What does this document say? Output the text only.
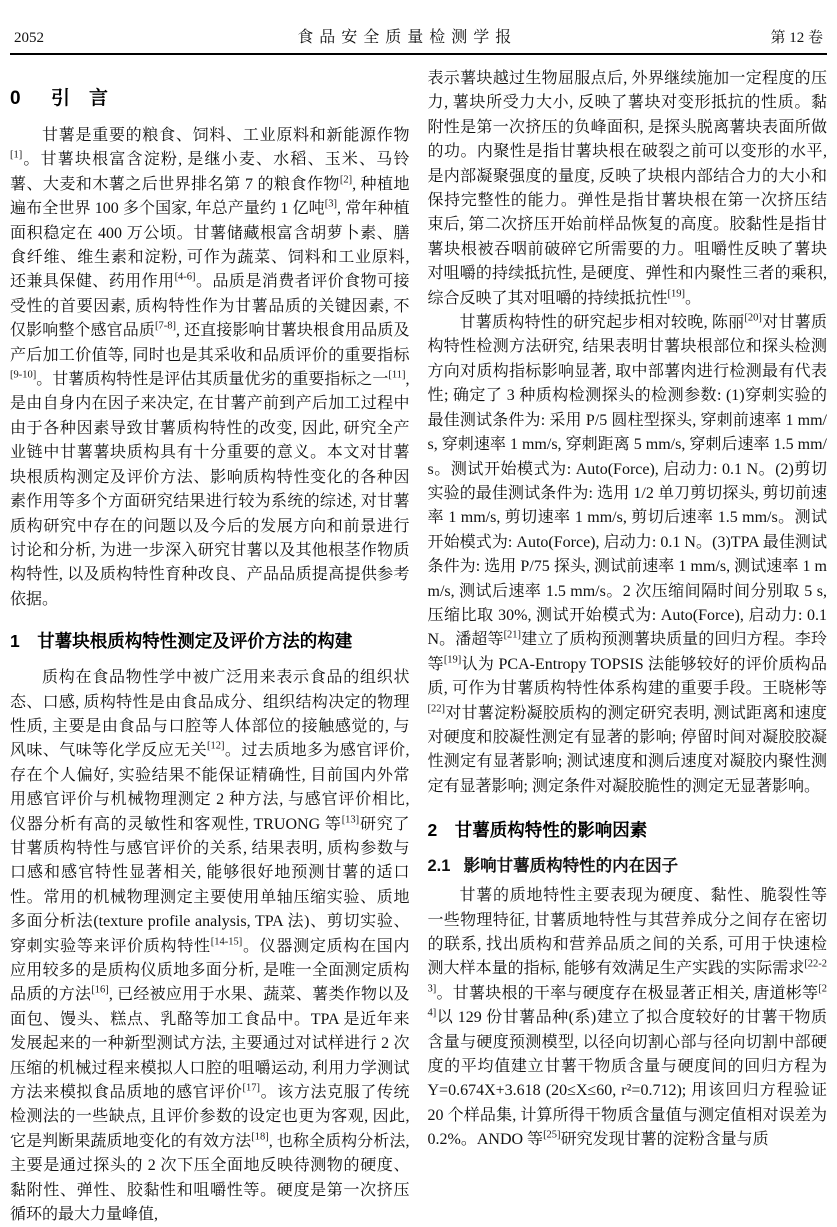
2052	食品安全质量检测学报	第 12 卷
0 引　言

甘薯是重要的粮食、饲料、工业原料和新能源作物[1]。甘薯块根富含淀粉, 是继小麦、水稻、玉米、马铃薯、大麦和木薯之后世界排名第 7 的粮食作物[2], 种植地遍布全世界 100 多个国家, 年总产量约 1 亿吨[3], 常年种植面积稳定在 400 万公顷。甘薯储藏根富含胡萝卜素、膳食纤维、维生素和淀粉, 可作为蔬菜、饲料和工业原料, 还兼具保健、药用作用[4-6]。品质是消费者评价食物可接受性的首要因素, 质构特性作为甘薯品质的关键因素, 不仅影响整个感官品质[7-8], 还直接影响甘薯块根食用品质及产后加工价值等, 同时也是其采收和品质评价的重要指标[9-10]。甘薯质构特性是评估其质量优劣的重要指标之一[11], 是由自身内在因子来决定, 在甘薯产前到产后加工过程中由于各种因素导致甘薯质构特性的改变, 因此, 研究全产业链中甘薯薯块质构具有十分重要的意义。本文对甘薯块根质构测定及评价方法、影响质构特性变化的各种因素作用等多个方面研究结果进行较为系统的综述, 对甘薯质构研究中存在的问题以及今后的发展方向和前景进行讨论和分析, 为进一步深入研究甘薯以及其他根茎作物质构特性, 以及质构特性育种改良、产品品质提高提供参考依据。

1 甘薯块根质构特性测定及评价方法的构建

质构在食品物性学中被广泛用来表示食品的组织状态、口感, 质构特性是由食品成分、组织结构决定的物理性质, 主要是由食品与口腔等人体部位的接触感觉的, 与风味、气味等化学反应无关[12]。过去质地多为感官评价, 存在个人偏好, 实验结果不能保证精确性, 目前国内外常用感官评价与机械物理测定 2 种方法, 与感官评价相比, 仪器分析有高的灵敏性和客观性, TRUONG 等[13]研究了甘薯质构特性与感官评价的关系, 结果表明, 质构参数与口感和感官特性显著相关, 能够很好地预测甘薯的适口性。常用的机械物理测定主要使用单轴压缩实验、质地多面分析法(texture profile analysis, TPA 法)、剪切实验、穿刺实验等来评价质构特性[14-15]。仪器测定质构在国内应用较多的是质构仪质地多面分析, 是唯一全面测定质构品质的方法[16], 已经被应用于水果、蔬菜、薯类作物以及面包、馒头、糕点、乳酪等加工食品中。TPA 是近年来发展起来的一种新型测试方法, 主要通过对试样进行 2 次压缩的机械过程来模拟人口腔的咀嚼运动, 利用力学测试方法来模拟食品质地的感官评价[17]。该方法克服了传统检测法的一些缺点, 且评价参数的设定也更为客观, 因此, 它是判断果蔬质地变化的有效方法[18], 也称全质构分析法, 主要是通过探头的 2 次下压全面地反映待测物的硬度、黏附性、弹性、胶黏性和咀嚼性等。硬度是第一次挤压循环的最大力量峰值,

表示薯块越过生物屈服点后, 外界继续施加一定程度的压力, 薯块所受力大小, 反映了薯块对变形抵抗的性质。黏附性是第一次挤压的负峰面积, 是探头脱离薯块表面所做的功。内聚性是指甘薯块根在破裂之前可以变形的水平, 是内部凝聚强度的量度, 反映了块根内部结合力的大小和保持完整性的能力。弹性是指甘薯块根在第一次挤压结束后, 第二次挤压开始前样品恢复的高度。胶黏性是指甘薯块根被吞咽前破碎它所需要的力。咀嚼性反映了薯块对咀嚼的持续抵抗性, 是硬度、弹性和内聚性三者的乘积, 综合反映了其对咀嚼的持续抵抗性[19]。

甘薯质构特性的研究起步相对较晚, 陈丽[20]对甘薯质构特性检测方法研究, 结果表明甘薯块根部位和探头检测方向对质构指标影响显著, 取中部薯肉进行检测最有代表性; 确定了 3 种质构检测探头的检测参数: (1)穿刺实验的最佳测试条件为: 采用 P/5 圆柱型探头, 穿刺前速率 1 mm/s, 穿刺速率 1 mm/s, 穿刺距离 5 mm/s, 穿刺后速率 1.5 mm/s。测试开始模式为: Auto(Force), 启动力: 0.1 N。(2)剪切实验的最佳测试条件为: 选用 1/2 单刀剪切探头, 剪切前速率 1 mm/s, 剪切速率 1 mm/s, 剪切后速率 1.5 mm/s。测试开始模式为: Auto(Force), 启动力: 0.1 N。(3)TPA 最佳测试条件为: 选用 P/75 探头, 测试前速率 1 mm/s, 测试速率 1 mm/s, 测试后速率 1.5 mm/s。2 次压缩间隔时间分别取 5 s, 压缩比取 30%, 测试开始模式为: Auto(Force), 启动力: 0.1 N。潘超等[21]建立了质构预测薯块质量的回归方程。李玲等[19]认为 PCA-Entropy TOPSIS 法能够较好的评价质构品质, 可作为甘薯质构特性体系构建的重要手段。王晓彬等[22]对甘薯淀粉凝胶质构的测定研究表明, 测试距离和速度对硬度和胶凝性测定有显著的影响; 停留时间对凝胶胶凝性测定有显著影响; 测试速度和测后速度对凝胶内聚性测定有显著影响; 测定条件对凝胶脆性的测定无显著影响。

2 甘薯质构特性的影响因素
2.1 影响甘薯质构特性的内在因子

甘薯的质地特性主要表现为硬度、黏性、脆裂性等一些物理特征, 甘薯质地特性与其营养成分之间存在密切的联系, 找出质构和营养品质之间的关系, 可用于快速检测大样本量的指标, 能够有效满足生产实践的实际需求[22-23]。甘薯块根的干率与硬度存在极显著正相关, 唐道彬等[24]以 129 份甘薯品种(系)建立了拟合度较好的甘薯干物质含量与硬度预测模型, 以径向切割心部与径向切割中部硬度的平均值建立甘薯干物质含量与硬度间的回归方程为 Y=0.674X+3.618 (20≤X≤60, r²=0.712); 用该回归方程验证 20 个样品集, 计算所得干物质含量值与测定值相对误差为 0.2%。ANDO 等[25]研究发现甘薯的淀粉含量与质
